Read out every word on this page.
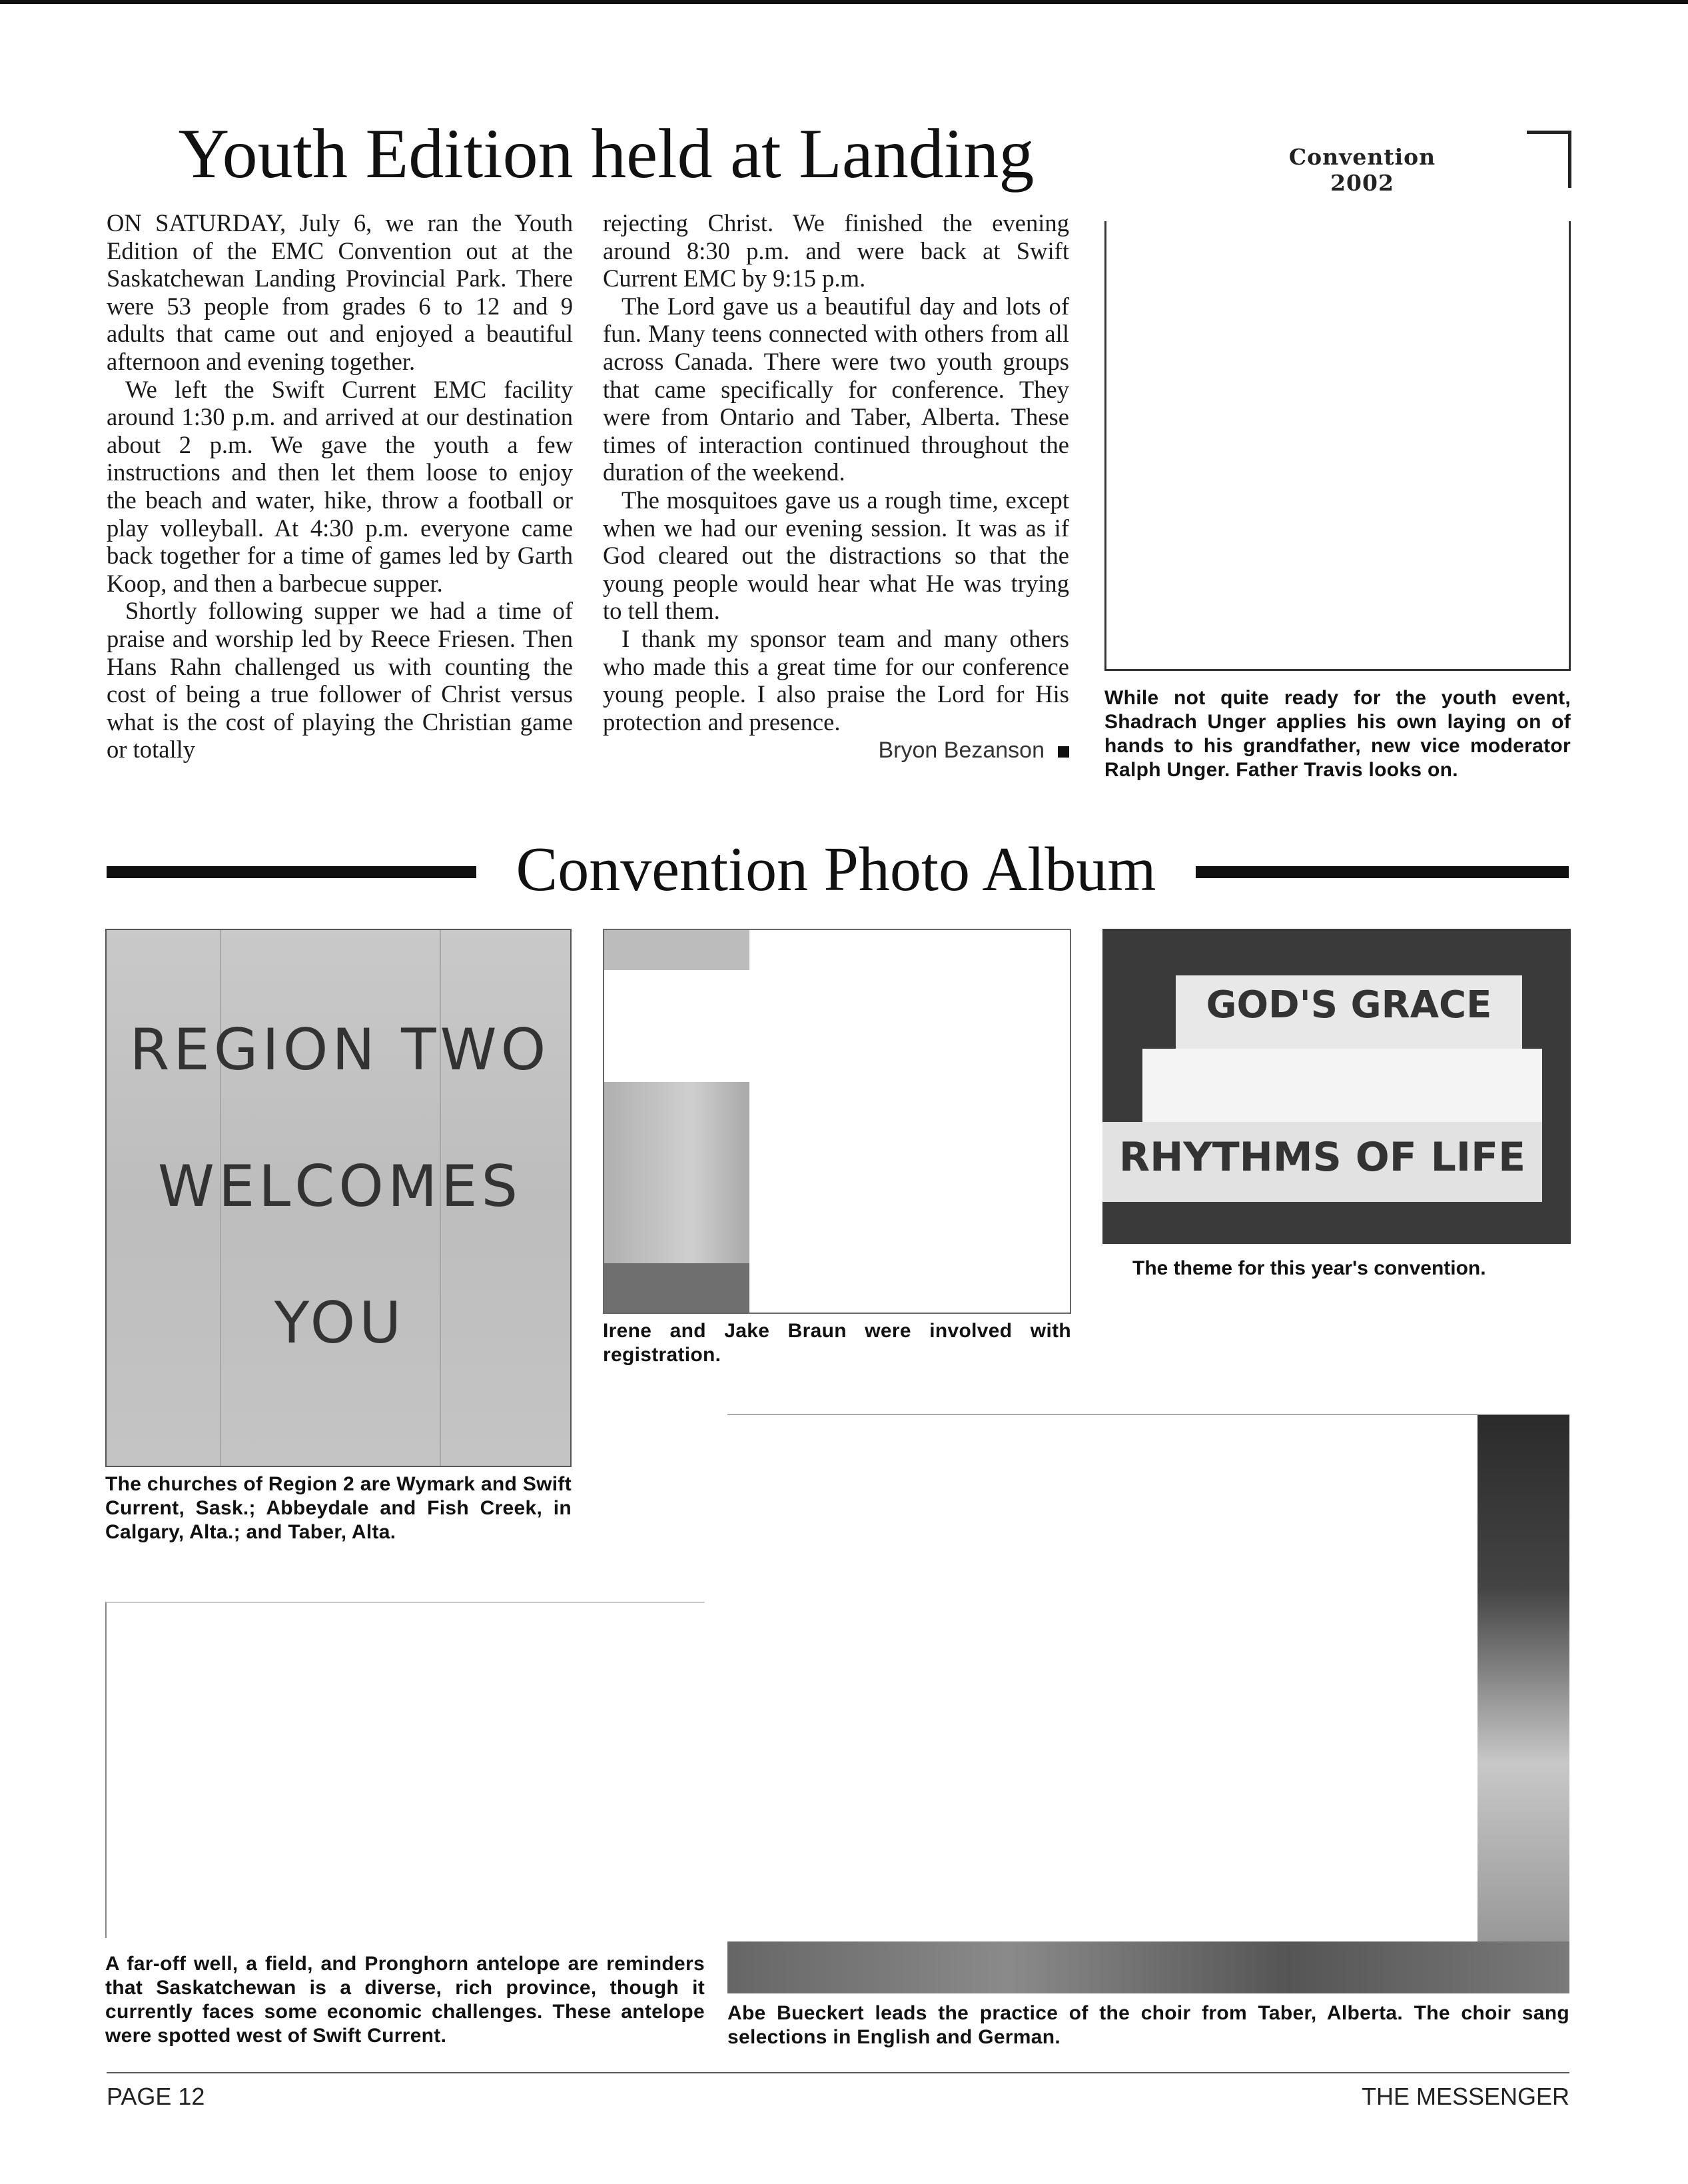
Youth Edition held at Landing	Convention 2002

ON SATURDAY, July 6, we ran the Youth Edition of the EMC Convention out at the Saskatchewan Landing Provincial Park. There were 53 people from grades 6 to 12 and 9 adults that came out and enjoyed a beautiful afternoon and evening together.

We left the Swift Current EMC facility around 1:30 p.m. and arrived at our destination about 2 p.m. We gave the youth a few instructions and then let them loose to enjoy the beach and water, hike, throw a football or play volleyball. At 4:30 p.m. everyone came back together for a time of games led by Garth Koop, and then a barbecue supper.

Shortly following supper we had a time of praise and worship led by Reece Friesen. Then Hans Rahn challenged us with counting the cost of being a true follower of Christ versus what is the cost of playing the Christian game or totally

rejecting Christ. We finished the evening around 8:30 p.m. and were back at Swift Current EMC by 9:15 p.m.

The Lord gave us a beautiful day and lots of fun. Many teens connected with others from all across Canada. There were two youth groups that came specifically for conference. They were from Ontario and Taber, Alberta. These times of interaction continued throughout the duration of the weekend.

The mosquitoes gave us a rough time, except when we had our evening session. It was as if God cleared out the distractions so that the young people would hear what He was trying to tell them.

I thank my sponsor team and many others who made this a great time for our conference young people. I also praise the Lord for His protection and presence.

Bryon Bezanson
While not quite ready for the youth event, Shadrach Unger applies his own laying on of hands to his grandfather, new vice moderator Ralph Unger. Father Travis looks on.
Convention Photo Album
REGION TWO
WELCOMES
YOU
The churches of Region 2 are Wymark and Swift Current, Sask.; Abbeydale and Fish Creek, in Calgary, Alta.; and Taber, Alta.
Irene and Jake Braun were involved with registration.
GOD'S GRACE
RHYTHMS OF LIFE
The theme for this year's convention.
Abe Bueckert leads the practice of the choir from Taber, Alberta. The choir sang selections in English and German.
A far-off well, a field, and Pronghorn antelope are reminders that Saskatchewan is a diverse, rich province, though it currently faces some economic challenges. These antelope were spotted west of Swift Current.
PAGE 12	THE MESSENGER
